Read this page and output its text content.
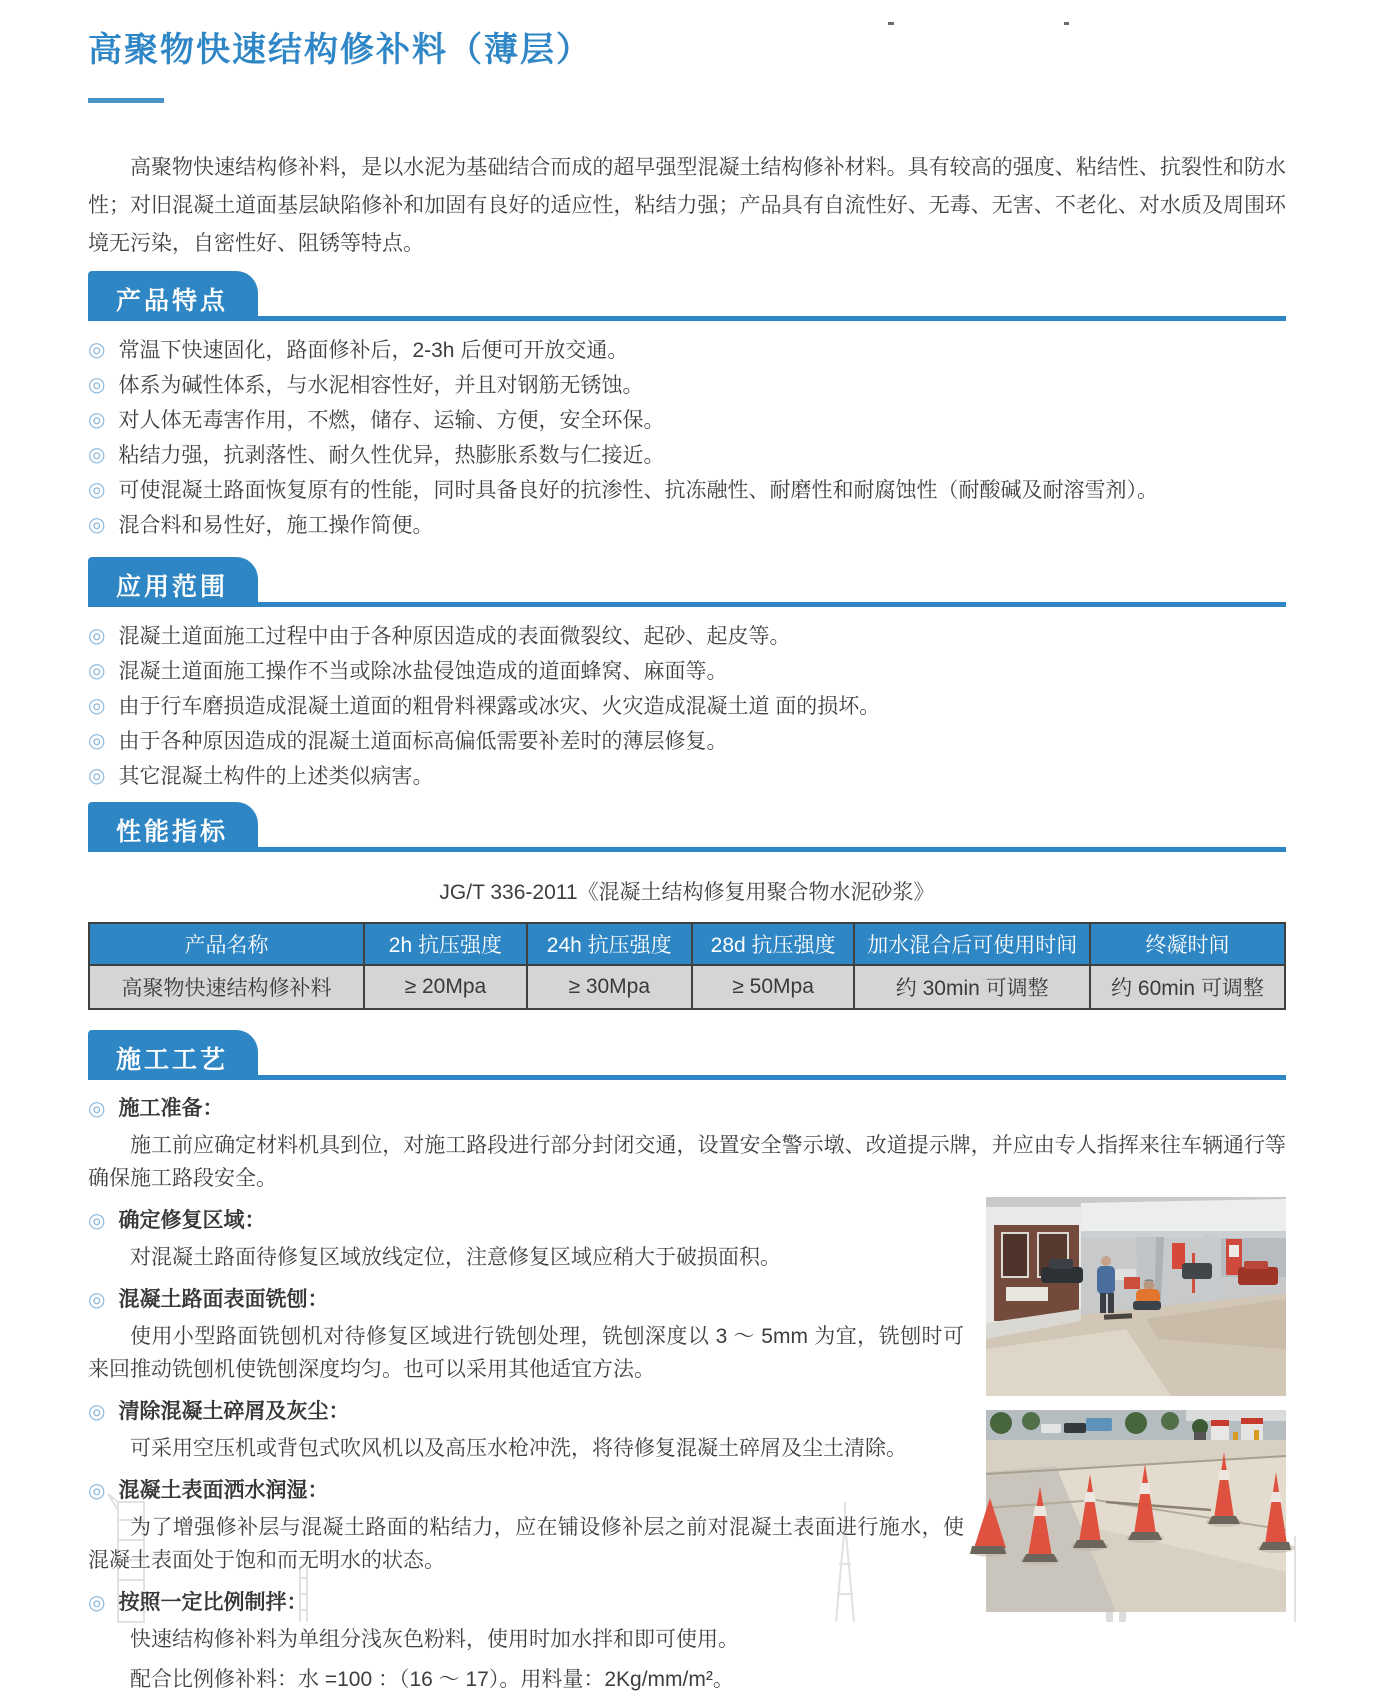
高聚物快速结构修补料（薄层）

高聚物快速结构修补料，是以水泥为基础结合而成的超早强型混凝土结构修补材料。具有较高的强度、粘结性、抗裂性和防水性；对旧混凝土道面基层缺陷修补和加固有良好的适应性，粘结力强；产品具有自流性好、无毒、无害、不老化、对水质及周围环境无污染，自密性好、阻锈等特点。

产品特点
◎ 常温下快速固化，路面修补后，2-3h 后便可开放交通。
◎ 体系为碱性体系，与水泥相容性好，并且对钢筋无锈蚀。
◎ 对人体无毒害作用，不燃，储存、运输、方便，安全环保。
◎ 粘结力强，抗剥落性、耐久性优异，热膨胀系数与仁接近。
◎ 可使混凝土路面恢复原有的性能，同时具备良好的抗渗性、抗冻融性、耐磨性和耐腐蚀性（耐酸碱及耐溶雪剂）。
◎ 混合料和易性好，施工操作简便。
应用范围
◎ 混凝土道面施工过程中由于各种原因造成的表面微裂纹、起砂、起皮等。
◎ 混凝土道面施工操作不当或除冰盐侵蚀造成的道面蜂窝、麻面等。
◎ 由于行车磨损造成混凝土道面的粗骨料裸露或冰灾、火灾造成混凝土道 面的损坏。
◎ 由于各种原因造成的混凝土道面标高偏低需要补差时的薄层修复。
◎ 其它混凝土构件的上述类似病害。
性能指标

JG/T 336-2011《混凝土结构修复用聚合物水泥砂浆》

产品名称	2h 抗压强度	24h 抗压强度	28d 抗压强度	加水混合后可使用时间	终凝时间
高聚物快速结构修补料	≥ 20Mpa	≥ 30Mpa	≥ 50Mpa	约 30min 可调整	约 60min 可调整
施工工艺

◎ 施工准备：

施工前应确定材料机具到位，对施工路段进行部分封闭交通，设置安全警示墩、改道提示牌，并应由专人指挥来往车辆通行等确保施工路段安全。

◎ 确定修复区域：

对混凝土路面待修复区域放线定位，注意修复区域应稍大于破损面积。

◎ 混凝土路面表面铣刨：

使用小型路面铣刨机对待修复区域进行铣刨处理，铣刨深度以 3 ～ 5mm 为宜，铣刨时可来回推动铣刨机使铣刨深度均匀。也可以采用其他适宜方法。

◎ 清除混凝土碎屑及灰尘：

可采用空压机或背包式吹风机以及高压水枪冲洗，将待修复混凝土碎屑及尘土清除。

◎ 混凝土表面洒水润湿：

为了增强修补层与混凝土路面的粘结力，应在铺设修补层之前对混凝土表面进行施水，使混凝土表面处于饱和而无明水的状态。

◎ 按照一定比例制拌：

快速结构修补料为单组分浅灰色粉料，使用时加水拌和即可使用。

配合比例修补料：水 =100 ：（16 ～ 17）。用料量：2Kg/mm/m²。
